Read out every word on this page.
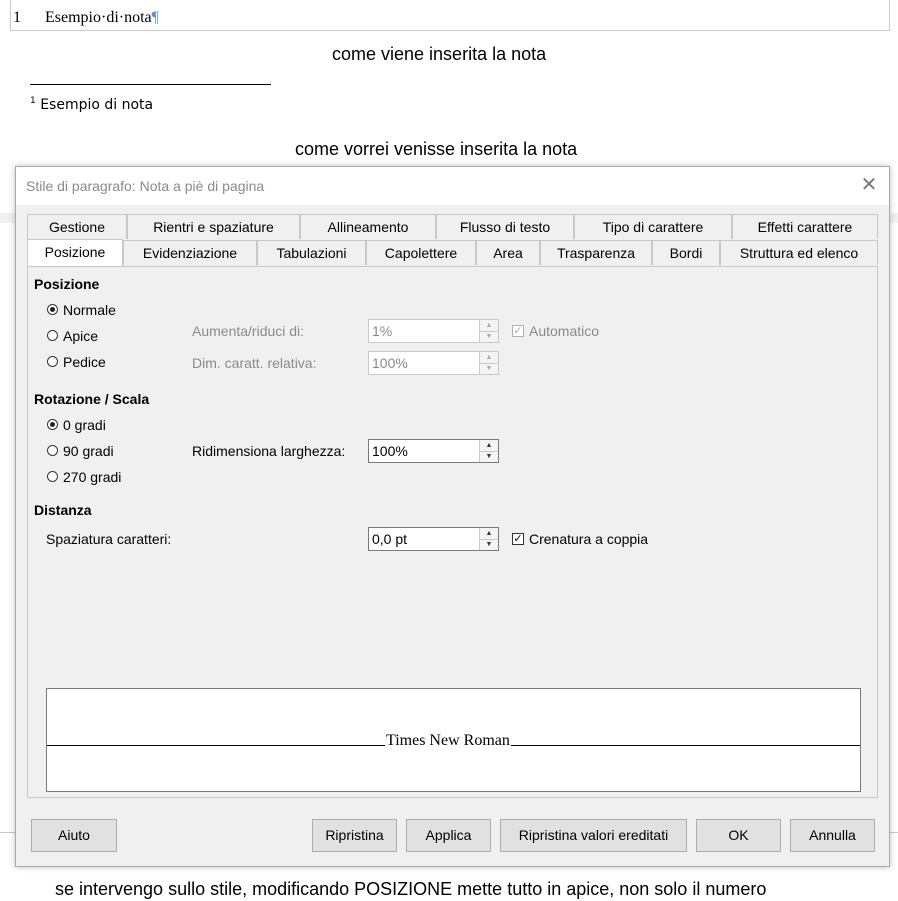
1 Esempio·di·nota¶
come viene inserita la nota
$^1$ Esempio di nota
come vorrei venisse inserita la nota
Stile di paragrafo: Nota a piè di pagina	✕
Gestione	Rientri e spaziature	Allineamento	Flusso di testo	Tipo di carattere	Effetti carattere
Posizione	Evidenziazione	Tabulazioni	Capolettere	Area	Trasparenza	Bordi	Struttura ed elenco
Posizione
Normale
Apice
Pedice
Aumenta/riduci di:	1%	▲
▼	✓ Automatico
Dim. caratt. relativa:	100%	▲
▼
Rotazione / Scala
0 gradi
90 gradi
270 gradi
Ridimensiona larghezza: 100%	▲
▼
Distanza
Spaziatura caratteri:	0,0 pt	▲
▼	✓ Crenatura a coppia
Times New Roman
Aiuto	Ripristina	Applica	Ripristina valori ereditati	OK	Annulla
se intervengo sullo stile, modificando POSIZIONE mette tutto in apice, non solo il numero
